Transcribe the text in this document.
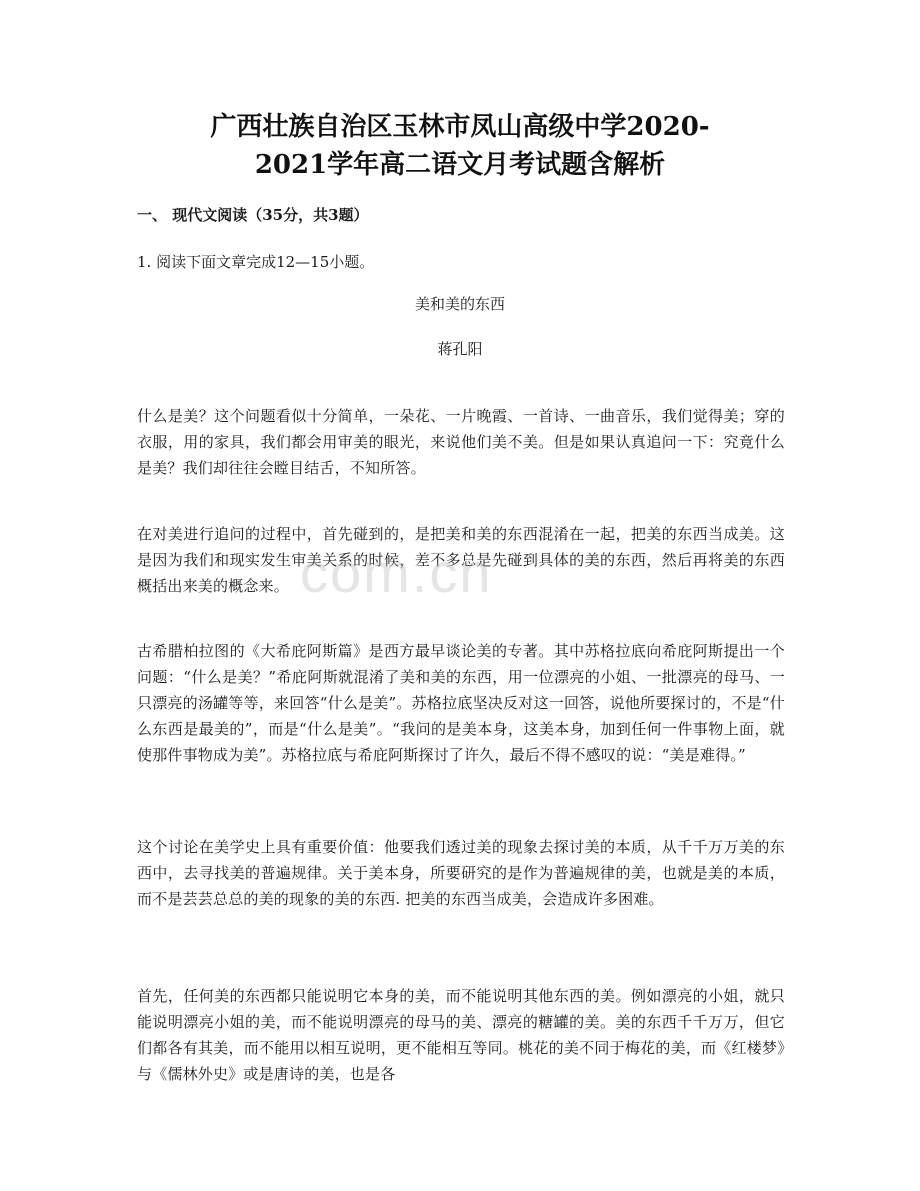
广西壮族自治区玉林市凤山高级中学2020-
2021学年高二语文月考试题含解析
一、 现代文阅读（35分，共3题）
1. 阅读下面文章完成12—15小题。
美和美的东西
蒋孔阳
什么是美？这个问题看似十分简单，一朵花、一片晚霞、一首诗、一曲音乐，我们觉得美；穿的衣服，用的家具，我们都会用审美的眼光，来说他们美不美。但是如果认真追问一下：究竟什么是美？我们却往往会瞠目结舌，不知所答。
在对美进行追问的过程中，首先碰到的，是把美和美的东西混淆在一起，把美的东西当成美。这是因为我们和现实发生审美关系的时候，差不多总是先碰到具体的美的东西，然后再将美的东西概括出来美的概念来。
古希腊柏拉图的《大希庇阿斯篇》是西方最早谈论美的专著。其中苏格拉底向希庇阿斯提出一个问题：“什么是美？”希庇阿斯就混淆了美和美的东西，用一位漂亮的小姐、一批漂亮的母马、一只漂亮的汤罐等等，来回答“什么是美”。苏格拉底坚决反对这一回答，说他所要探讨的，不是“什么东西是最美的”，而是“什么是美”。“我问的是美本身，这美本身，加到任何一件事物上面，就使那件事物成为美”。苏格拉底与希庇阿斯探讨了许久，最后不得不感叹的说：“美是难得。”
这个讨论在美学史上具有重要价值：他要我们透过美的现象去探讨美的本质，从千千万万美的东西中，去寻找美的普遍规律。关于美本身，所要研究的是作为普遍规律的美，也就是美的本质，而不是芸芸总总的美的现象的美的东西. 把美的东西当成美，会造成许多困难。
首先，任何美的东西都只能说明它本身的美，而不能说明其他东西的美。例如漂亮的小姐，就只能说明漂亮小姐的美，而不能说明漂亮的母马的美、漂亮的糖罐的美。美的东西千千万万，但它们都各有其美，而不能用以相互说明，更不能相互等同。桃花的美不同于梅花的美，而《红楼梦》与《儒林外史》或是唐诗的美，也是各
com.cn
